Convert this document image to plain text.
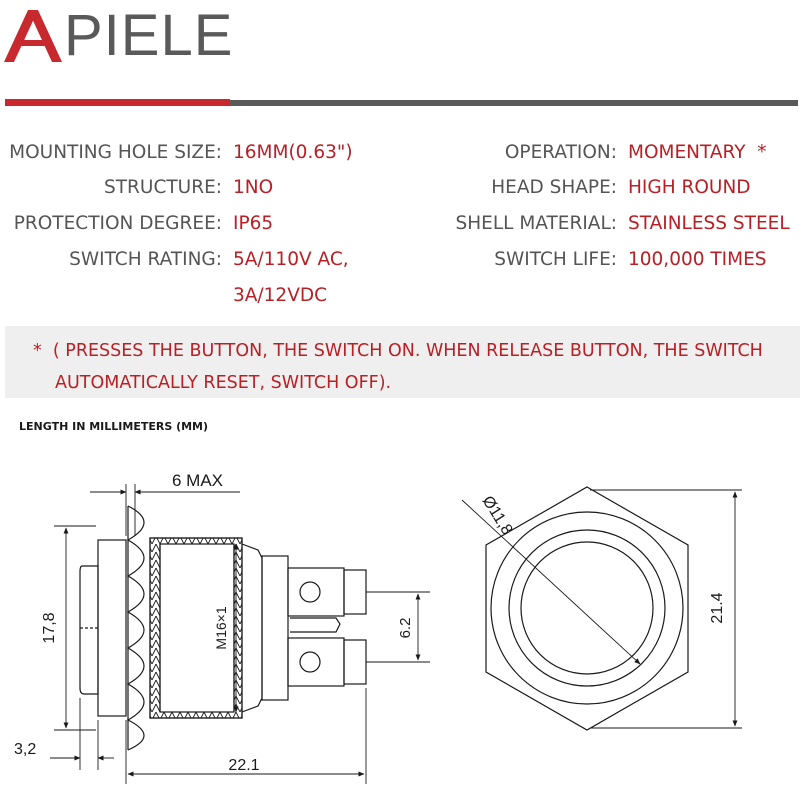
PIELE
MOUNTING HOLE SIZE: 16MM(0.63")
STRUCTURE: 1NO
PROTECTION DEGREE: IP65
SWITCH RATING: 5A/110V AC,
3A/12VDC
OPERATION: MOMENTARY  *
HEAD SHAPE: HIGH ROUND
SHELL MATERIAL: STAINLESS STEEL
SWITCH LIFE: 100,000 TIMES
*  ( PRESSES THE BUTTON, THE SWITCH ON. WHEN RELEASE BUTTON, THE SWITCH
AUTOMATICALLY RESET, SWITCH OFF).
LENGTH IN MILLIMETERS (MM)
6 MAX
17,8	M16×1	6.2
3,2
22.1
Ø11,8
21.4
